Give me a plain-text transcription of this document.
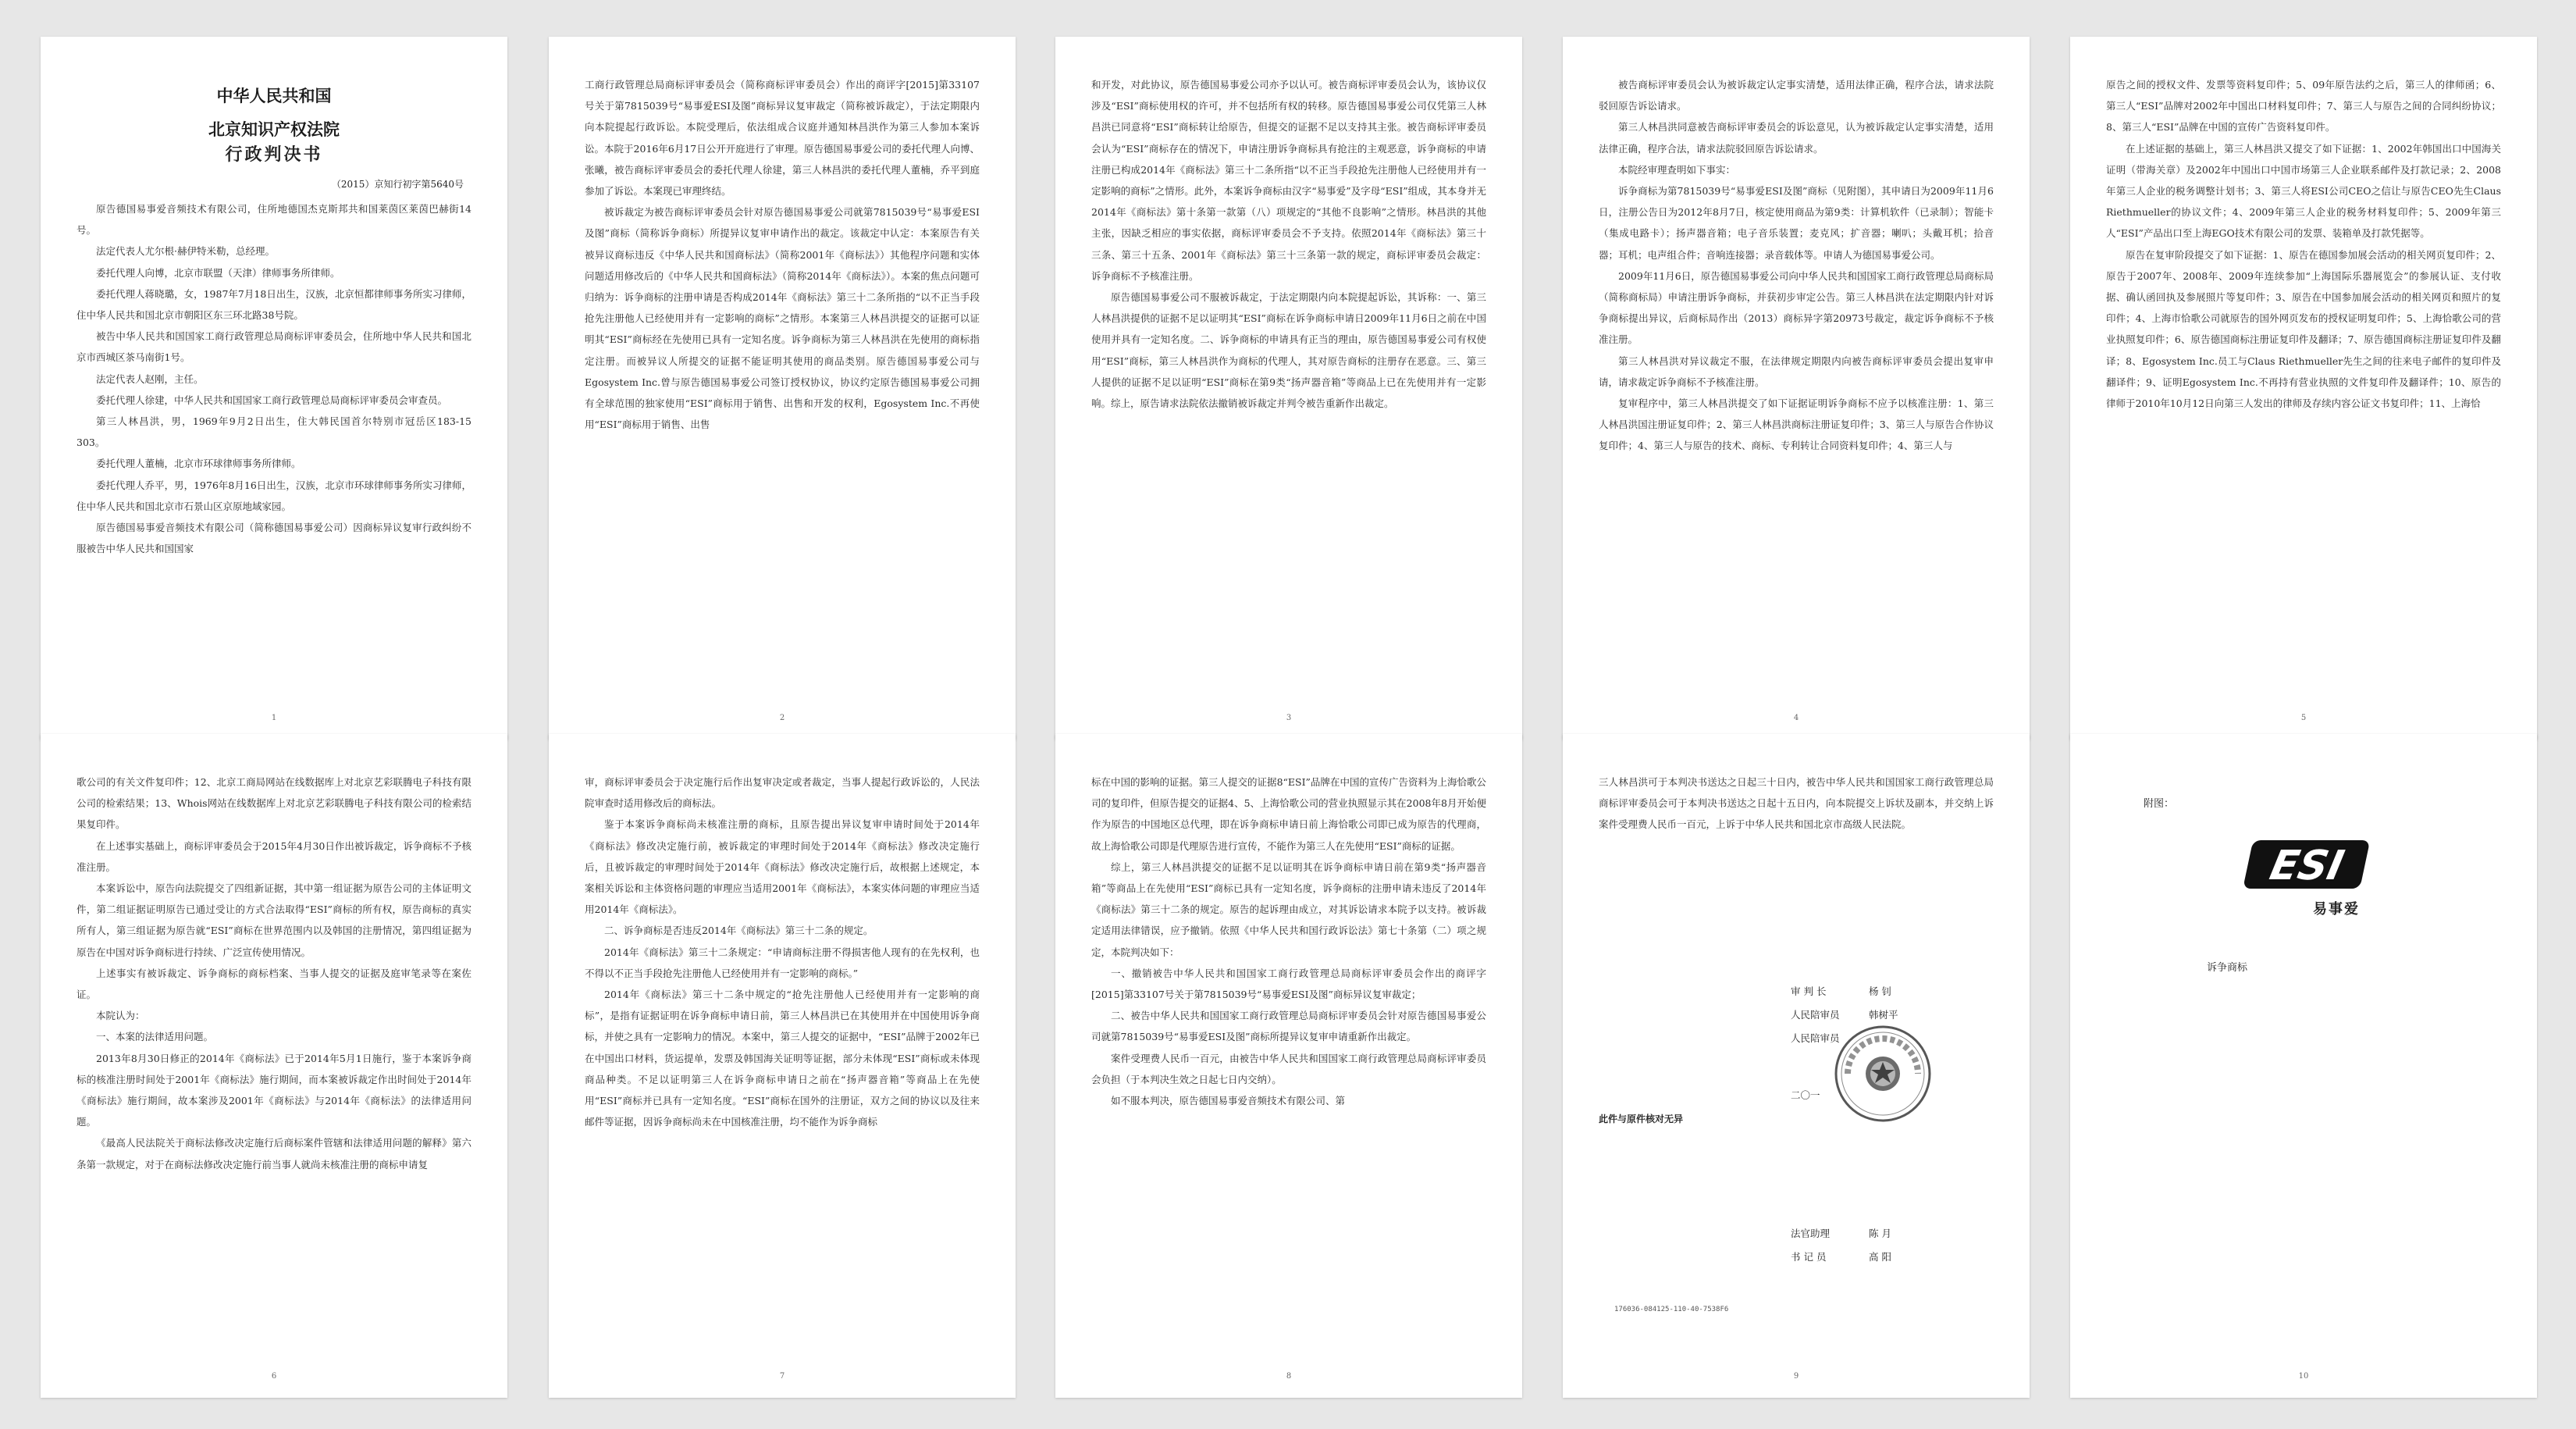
中华人民共和国
北京知识产权法院
行政判决书
（2015）京知行初字第5640号

原告德国易事爱音频技术有限公司，住所地德国杰克斯邦共和国莱茵区莱茵巴赫街14号。

法定代表人尤尔根·赫伊特米勒，总经理。

委托代理人向博，北京市联盟（天津）律师事务所律师。

委托代理人蒋晓璐，女，1987年7月18日出生，汉族，北京恒都律师事务所实习律师，住中华人民共和国北京市朝阳区东三环北路38号院。

被告中华人民共和国国家工商行政管理总局商标评审委员会，住所地中华人民共和国北京市西城区茶马南街1号。

法定代表人赵刚，主任。

委托代理人徐建，中华人民共和国国家工商行政管理总局商标评审委员会审查员。

第三人林昌洪，男，1969年9月2日出生，住大韩民国首尔特别市冠岳区183-15 303。

委托代理人董楠，北京市环球律师事务所律师。

委托代理人乔平，男，1976年8月16日出生，汉族，北京市环球律师事务所实习律师，住中华人民共和国北京市石景山区京原地域家园。

原告德国易事爱音频技术有限公司（简称德国易事爱公司）因商标异议复审行政纠纷不服被告中华人民共和国国家

1

工商行政管理总局商标评审委员会（简称商标评审委员会）作出的商评字[2015]第33107号关于第7815039号“易事爱ESI及图”商标异议复审裁定（简称被诉裁定），于法定期限内向本院提起行政诉讼。本院受理后，依法组成合议庭并通知林昌洪作为第三人参加本案诉讼。本院于2016年6月17日公开开庭进行了审理。原告德国易事爱公司的委托代理人向博、张曦，被告商标评审委员会的委托代理人徐建，第三人林昌洪的委托代理人董楠，乔平到庭参加了诉讼。本案现已审理终结。

被诉裁定为被告商标评审委员会针对原告德国易事爱公司就第7815039号“易事爱ESI及图”商标（简称诉争商标）所提异议复审申请作出的裁定。该裁定中认定：本案原告有关被异议商标违反《中华人民共和国商标法》（简称2001年《商标法》）其他程序问题和实体问题适用修改后的《中华人民共和国商标法》（简称2014年《商标法》）。本案的焦点问题可归纳为：诉争商标的注册申请是否构成2014年《商标法》第三十二条所指的“以不正当手段抢先注册他人已经使用并有一定影响的商标”之情形。本案第三人林昌洪提交的证据可以证明其“ESI”商标经在先使用已具有一定知名度。诉争商标为第三人林昌洪在先使用的商标指定注册。而被异议人所提交的证据不能证明其使用的商品类别。原告德国易事爱公司与Egosystem Inc.曾与原告德国易事爱公司签订授权协议，协议约定原告德国易事爱公司拥有全球范围的独家使用“ESI”商标用于销售、出售和开发的权利，Egosystem Inc.不再使用“ESI”商标用于销售、出售

2

和开发，对此协议，原告德国易事爱公司亦予以认可。被告商标评审委员会认为，该协议仅涉及“ESI”商标使用权的许可，并不包括所有权的转移。原告德国易事爱公司仅凭第三人林昌洪已同意将“ESI”商标转让给原告，但提交的证据不足以支持其主张。被告商标评审委员会认为“ESI”商标存在的情况下，申请注册诉争商标具有抢注的主观恶意，诉争商标的申请注册已构成2014年《商标法》第三十二条所指“以不正当手段抢先注册他人已经使用并有一定影响的商标”之情形。此外，本案诉争商标由汉字“易事爱”及字母“ESI”组成，其本身并无2014年《商标法》第十条第一款第（八）项规定的“其他不良影响”之情形。林昌洪的其他主张，因缺乏相应的事实依据，商标评审委员会不予支持。依照2014年《商标法》第三十三条、第三十五条、2001年《商标法》第三十三条第一款的规定，商标评审委员会裁定：诉争商标不予核准注册。

原告德国易事爱公司不服被诉裁定，于法定期限内向本院提起诉讼，其诉称：一、第三人林昌洪提供的证据不足以证明其“ESI”商标在诉争商标申请日2009年11月6日之前在中国使用并具有一定知名度。二、诉争商标的申请具有正当的理由，原告德国易事爱公司有权使用“ESI”商标，第三人林昌洪作为商标的代理人，其对原告商标的注册存在恶意。三、第三人提供的证据不足以证明“ESI”商标在第9类“扬声器音箱”等商品上已在先使用并有一定影响。综上，原告请求法院依法撤销被诉裁定并判令被告重新作出裁定。

3

被告商标评审委员会认为被诉裁定认定事实清楚，适用法律正确，程序合法，请求法院驳回原告诉讼请求。

第三人林昌洪同意被告商标评审委员会的诉讼意见，认为被诉裁定认定事实清楚，适用法律正确，程序合法，请求法院驳回原告诉讼请求。

本院经审理查明如下事实：

诉争商标为第7815039号“易事爱ESI及图”商标（见附图），其申请日为2009年11月6日，注册公告日为2012年8月7日，核定使用商品为第9类：计算机软件（已录制）；智能卡（集成电路卡）；扬声器音箱；电子音乐装置；麦克风；扩音器；喇叭；头戴耳机；拾音器；耳机；电声组合件；音响连接器；录音载体等。申请人为德国易事爱公司。

2009年11月6日，原告德国易事爱公司向中华人民共和国国家工商行政管理总局商标局（简称商标局）申请注册诉争商标，并获初步审定公告。第三人林昌洪在法定期限内针对诉争商标提出异议，后商标局作出（2013）商标异字第20973号裁定，裁定诉争商标不予核准注册。

第三人林昌洪对异议裁定不服，在法律规定期限内向被告商标评审委员会提出复审申请，请求裁定诉争商标不予核准注册。

复审程序中，第三人林昌洪提交了如下证据证明诉争商标不应予以核准注册：1、第三人林昌洪国注册证复印件；2、第三人林昌洪商标注册证复印件；3、第三人与原告合作协议复印件；4、第三人与原告的技术、商标、专利转让合同资料复印件；4、第三人与

4

原告之间的授权文件、发票等资料复印件；5、09年原告法约之后，第三人的律师函；6、第三人“ESI”品牌对2002年中国出口材料复印件；7、第三人与原告之间的合同纠纷协议；8、第三人“ESI”品牌在中国的宣传广告资料复印件。

在上述证据的基础上，第三人林昌洪又提交了如下证据：1、2002年韩国出口中国海关证明（带海关章）及2002年中国出口中国市场第三人企业联系邮件及打款记录；2、2008年第三人企业的税务调整计划书；3、第三人将ESI公司CEO之信让与原告CEO先生Claus Riethmueller的协议文件；4、2009年第三人企业的税务材料复印件；5、2009年第三人“ESI”产品出口至上海EGO技术有限公司的发票、装箱单及打款凭据等。

原告在复审阶段提交了如下证据：1、原告在德国参加展会活动的相关网页复印件；2、原告于2007年、2008年、2009年连续参加“上海国际乐器展览会”的参展认证、支付收据、确认函回执及参展照片等复印件；3、原告在中国参加展会活动的相关网页和照片的复印件；4、上海市恰歌公司就原告的国外网页发布的授权证明复印件；5、上海恰歌公司的营业执照复印件；6、原告德国商标注册证复印件及翻译；7、原告德国商标注册证复印件及翻译；8、Egosystem Inc.员工与Claus Riethmueller先生之间的往来电子邮件的复印件及翻译件；9、证明Egosystem Inc.不再持有营业执照的文件复印件及翻译件；10、原告的律师于2010年10月12日向第三人发出的律师及存续内容公证文书复印件；11、上海恰

5

歌公司的有关文件复印件；12、北京工商局网站在线数据库上对北京艺彩联腾电子科技有限公司的检索结果；13、Whois网站在线数据库上对北京艺彩联腾电子科技有限公司的检索结果复印件。

在上述事实基础上，商标评审委员会于2015年4月30日作出被诉裁定，诉争商标不予核准注册。

本案诉讼中，原告向法院提交了四组新证据，其中第一组证据为原告公司的主体证明文件，第二组证据证明原告已通过受让的方式合法取得“ESI”商标的所有权，原告商标的真实所有人，第三组证据为原告就“ESI”商标在世界范围内以及韩国的注册情况，第四组证据为原告在中国对诉争商标进行持续、广泛宣传使用情况。

上述事实有被诉裁定、诉争商标的商标档案、当事人提交的证据及庭审笔录等在案佐证。

本院认为：

一、本案的法律适用问题。

2013年8月30日修正的2014年《商标法》已于2014年5月1日施行，鉴于本案诉争商标的核准注册时间处于2001年《商标法》施行期间，而本案被诉裁定作出时间处于2014年《商标法》施行期间，故本案涉及2001年《商标法》与2014年《商标法》的法律适用问题。

《最高人民法院关于商标法修改决定施行后商标案件管辖和法律适用问题的解释》第六条第一款规定，对于在商标法修改决定施行前当事人就尚未核准注册的商标申请复

6

审，商标评审委员会于决定施行后作出复审决定或者裁定，当事人提起行政诉讼的，人民法院审查时适用修改后的商标法。

鉴于本案诉争商标尚未核准注册的商标，且原告提出异议复审申请时间处于2014年《商标法》修改决定施行前，被诉裁定的审理时间处于2014年《商标法》修改决定施行后，且被诉裁定的审理时间处于2014年《商标法》修改决定施行后，故根据上述规定，本案相关诉讼和主体资格问题的审理应当适用2001年《商标法》，本案实体问题的审理应当适用2014年《商标法》。

二、诉争商标是否违反2014年《商标法》第三十二条的规定。

2014年《商标法》第三十二条规定：“申请商标注册不得损害他人现有的在先权利，也不得以不正当手段抢先注册他人已经使用并有一定影响的商标。”

2014年《商标法》第三十二条中规定的“抢先注册他人已经使用并有一定影响的商标”，是指有证据证明在诉争商标申请日前，第三人林昌洪已在其使用并在中国使用诉争商标，并使之具有一定影响力的情况。本案中，第三人提交的证据中，“ESI”品牌于2002年已在中国出口材料，货运提单，发票及韩国海关证明等证据，部分未体现“ESI”商标或未体现商品种类。不足以证明第三人在诉争商标申请日之前在“扬声器音箱”等商品上在先使用“ESI”商标并已具有一定知名度。“ESI”商标在国外的注册证，双方之间的协议以及往来邮件等证据，因诉争商标尚未在中国核准注册，均不能作为诉争商标

7

标在中国的影响的证据。第三人提交的证据8“ESI”品牌在中国的宣传广告资料为上海恰歌公司的复印件，但原告提交的证据4、5、上海恰歌公司的营业执照显示其在2008年8月开始便作为原告的中国地区总代理，即在诉争商标申请日前上海恰歌公司即已成为原告的代理商，故上海恰歌公司即是代理原告进行宣传，不能作为第三人在先使用“ESI”商标的证据。

综上，第三人林昌洪提交的证据不足以证明其在诉争商标申请日前在第9类“扬声器音箱”等商品上在先使用“ESI”商标已具有一定知名度，诉争商标的注册申请未违反了2014年《商标法》第三十二条的规定。原告的起诉理由成立，对其诉讼请求本院予以支持。被诉裁定适用法律错误，应予撤销。依照《中华人民共和国行政诉讼法》第七十条第（二）项之规定，本院判决如下：

一、撤销被告中华人民共和国国家工商行政管理总局商标评审委员会作出的商评字[2015]第33107号关于第7815039号“易事爱ESI及图”商标异议复审裁定；

二、被告中华人民共和国国家工商行政管理总局商标评审委员会针对原告德国易事爱公司就第7815039号“易事爱ESI及图”商标所提异议复审申请重新作出裁定。

案件受理费人民币一百元，由被告中华人民共和国国家工商行政管理总局商标评审委员会负担（于本判决生效之日起七日内交纳）。

如不服本判决，原告德国易事爱音频技术有限公司、第

8

三人林昌洪可于本判决书送达之日起三十日内，被告中华人民共和国国家工商行政管理总局商标评审委员会可于本判决书送达之日起十五日内，向本院提交上诉状及副本，并交纳上诉案件受理费人民币一百元，上诉于中华人民共和国北京市高级人民法院。

审 判 长	杨 钊
人民陪审员	韩树平
人民陪审员
二〇一
此件与原件核对无异
法官助理	陈 月
书 记 员	高 阳
176036-084125-110-40-7538F6
9
附图：
ESI
易事爱
诉争商标
10
